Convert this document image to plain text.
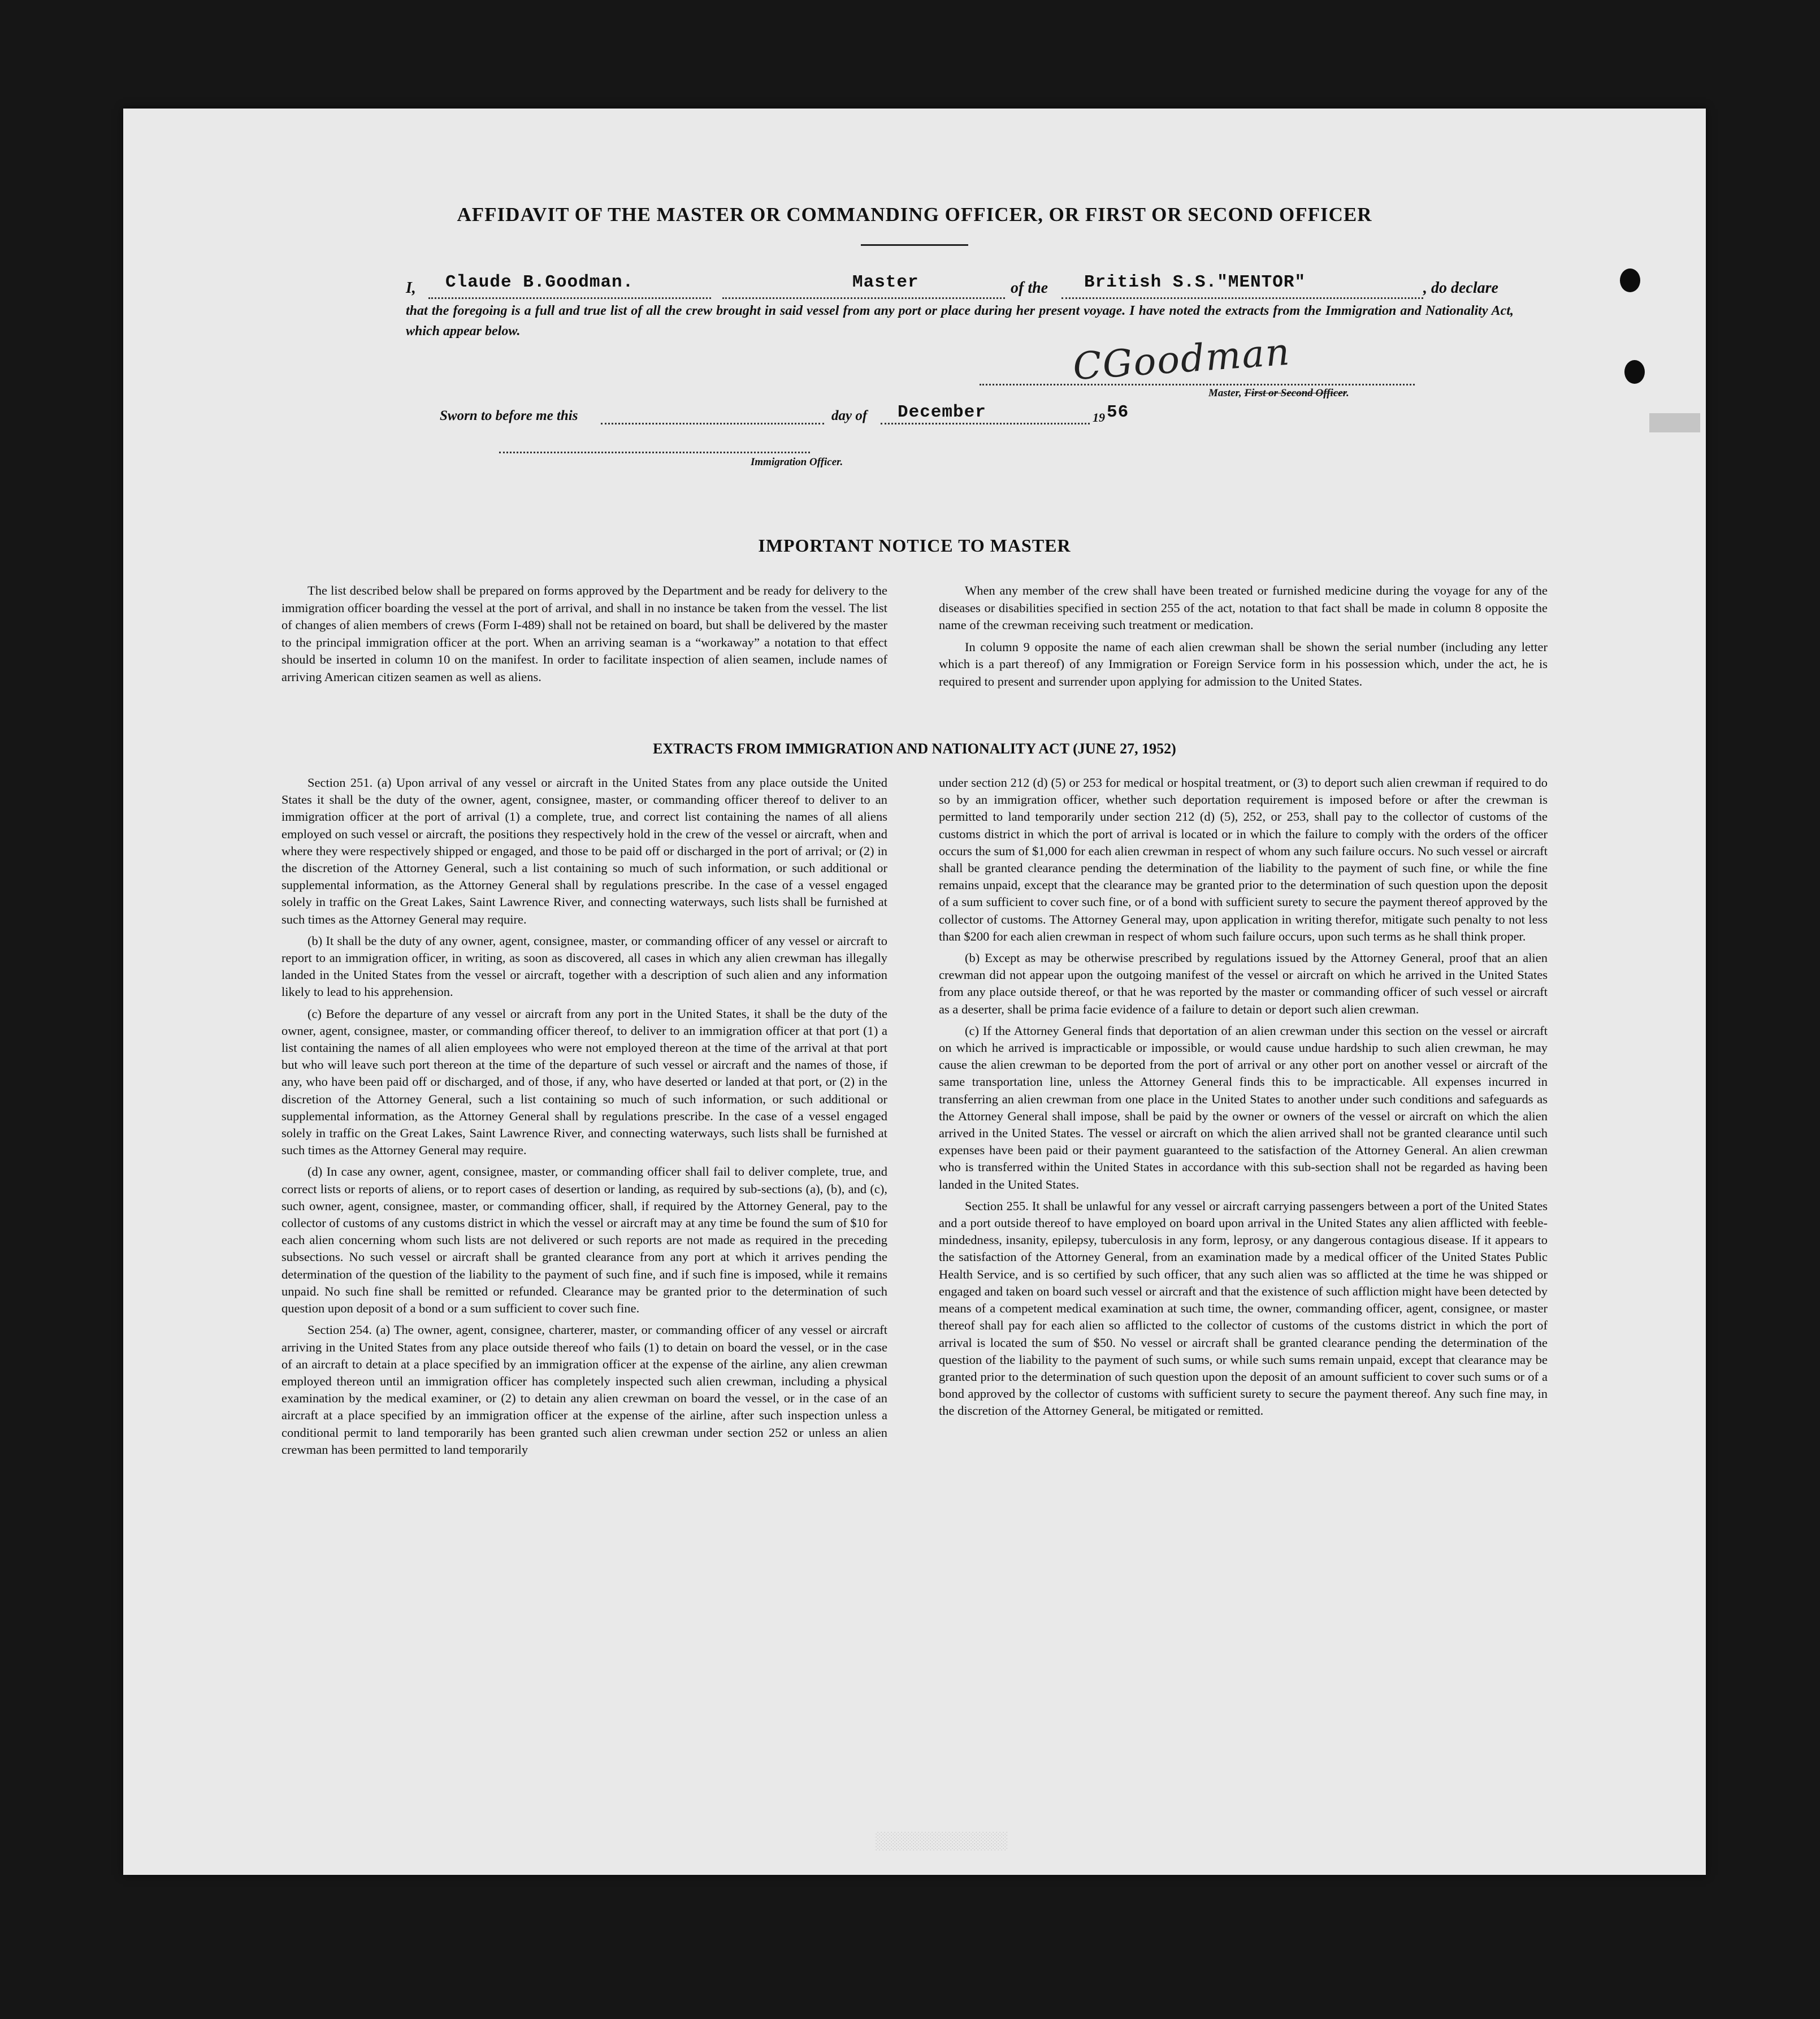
█████
░░░░░░░░░░░░░
AFFIDAVIT OF THE MASTER OR COMMANDING OFFICER, OR FIRST OR SECOND OFFICER
I, Claude B.Goodman.	Master	of the British S.S."MENTOR"	, do declare
that the foregoing is a full and true list of all the crew brought in said vessel from any port or place during her present voyage. I have noted the extracts from the Immigration and Nationality Act, which appear below.	CGoodman
Master, First or Second Officer.
Sworn to before me this	day of December	19 56
Immigration Officer.
IMPORTANT NOTICE TO MASTER

The list described below shall be prepared on forms approved by the Department and be ready for delivery to the immigration officer boarding the vessel at the port of arrival, and shall in no instance be taken from the vessel. The list of changes of alien members of crews (Form I-489) shall not be retained on board, but shall be delivered by the master to the principal immigration officer at the port. When an arriving seaman is a “workaway” a notation to that effect should be inserted in column 10 on the manifest. In order to facilitate inspection of alien seamen, include names of arriving American citizen seamen as well as aliens.

When any member of the crew shall have been treated or furnished medicine during the voyage for any of the diseases or disabilities specified in section 255 of the act, notation to that fact shall be made in column 8 opposite the name of the crewman receiving such treatment or medication.

In column 9 opposite the name of each alien crewman shall be shown the serial number (including any letter which is a part thereof) of any Immigration or Foreign Service form in his possession which, under the act, he is required to present and surrender upon applying for admission to the United States.

EXTRACTS FROM IMMIGRATION AND NATIONALITY ACT (JUNE 27, 1952)

Section 251. (a) Upon arrival of any vessel or aircraft in the United States from any place outside the United States it shall be the duty of the owner, agent, consignee, master, or commanding officer thereof to deliver to an immigration officer at the port of arrival (1) a complete, true, and correct list containing the names of all aliens employed on such vessel or aircraft, the positions they respectively hold in the crew of the vessel or aircraft, when and where they were respectively shipped or engaged, and those to be paid off or discharged in the port of arrival; or (2) in the discretion of the Attorney General, such a list containing so much of such information, or such additional or supplemental information, as the Attorney General shall by regulations prescribe. In the case of a vessel engaged solely in traffic on the Great Lakes, Saint Lawrence River, and connecting waterways, such lists shall be furnished at such times as the Attorney General may require.

(b) It shall be the duty of any owner, agent, consignee, master, or commanding officer of any vessel or aircraft to report to an immigration officer, in writing, as soon as discovered, all cases in which any alien crewman has illegally landed in the United States from the vessel or aircraft, together with a description of such alien and any information likely to lead to his apprehension.

(c) Before the departure of any vessel or aircraft from any port in the United States, it shall be the duty of the owner, agent, consignee, master, or commanding officer thereof, to deliver to an immigration officer at that port (1) a list containing the names of all alien employees who were not employed thereon at the time of the arrival at that port but who will leave such port thereon at the time of the departure of such vessel or aircraft and the names of those, if any, who have been paid off or discharged, and of those, if any, who have deserted or landed at that port, or (2) in the discretion of the Attorney General, such a list containing so much of such information, or such additional or supplemental information, as the Attorney General shall by regulations prescribe. In the case of a vessel engaged solely in traffic on the Great Lakes, Saint Lawrence River, and connecting waterways, such lists shall be furnished at such times as the Attorney General may require.

(d) In case any owner, agent, consignee, master, or commanding officer shall fail to deliver complete, true, and correct lists or reports of aliens, or to report cases of desertion or landing, as required by sub-sections (a), (b), and (c), such owner, agent, consignee, master, or commanding officer, shall, if required by the Attorney General, pay to the collector of customs of any customs district in which the vessel or aircraft may at any time be found the sum of $10 for each alien concerning whom such lists are not delivered or such reports are not made as required in the preceding subsections. No such vessel or aircraft shall be granted clearance from any port at which it arrives pending the determination of the question of the liability to the payment of such fine, and if such fine is imposed, while it remains unpaid. No such fine shall be remitted or refunded. Clearance may be granted prior to the determination of such question upon deposit of a bond or a sum sufficient to cover such fine.

Section 254. (a) The owner, agent, consignee, charterer, master, or commanding officer of any vessel or aircraft arriving in the United States from any place outside thereof who fails (1) to detain on board the vessel, or in the case of an aircraft to detain at a place specified by an immigration officer at the expense of the airline, any alien crewman employed thereon until an immigration officer has completely inspected such alien crewman, including a physical examination by the medical examiner, or (2) to detain any alien crewman on board the vessel, or in the case of an aircraft at a place specified by an immigration officer at the expense of the airline, after such inspection unless a conditional permit to land temporarily has been granted such alien crewman under section 252 or unless an alien crewman has been permitted to land temporarily

under section 212 (d) (5) or 253 for medical or hospital treatment, or (3) to deport such alien crewman if required to do so by an immigration officer, whether such deportation requirement is imposed before or after the crewman is permitted to land temporarily under section 212 (d) (5), 252, or 253, shall pay to the collector of customs of the customs district in which the port of arrival is located or in which the failure to comply with the orders of the officer occurs the sum of $1,000 for each alien crewman in respect of whom any such failure occurs. No such vessel or aircraft shall be granted clearance pending the determination of the liability to the payment of such fine, or while the fine remains unpaid, except that the clearance may be granted prior to the determination of such question upon the deposit of a sum sufficient to cover such fine, or of a bond with sufficient surety to secure the payment thereof approved by the collector of customs. The Attorney General may, upon application in writing therefor, mitigate such penalty to not less than $200 for each alien crewman in respect of whom such failure occurs, upon such terms as he shall think proper.

(b) Except as may be otherwise prescribed by regulations issued by the Attorney General, proof that an alien crewman did not appear upon the outgoing manifest of the vessel or aircraft on which he arrived in the United States from any place outside thereof, or that he was reported by the master or commanding officer of such vessel or aircraft as a deserter, shall be prima facie evidence of a failure to detain or deport such alien crewman.

(c) If the Attorney General finds that deportation of an alien crewman under this section on the vessel or aircraft on which he arrived is impracticable or impossible, or would cause undue hardship to such alien crewman, he may cause the alien crewman to be deported from the port of arrival or any other port on another vessel or aircraft of the same transportation line, unless the Attorney General finds this to be impracticable. All expenses incurred in transferring an alien crewman from one place in the United States to another under such conditions and safeguards as the Attorney General shall impose, shall be paid by the owner or owners of the vessel or aircraft on which the alien arrived in the United States. The vessel or aircraft on which the alien arrived shall not be granted clearance until such expenses have been paid or their payment guaranteed to the satisfaction of the Attorney General. An alien crewman who is transferred within the United States in accordance with this sub-section shall not be regarded as having been landed in the United States.

Section 255. It shall be unlawful for any vessel or aircraft carrying passengers between a port of the United States and a port outside thereof to have employed on board upon arrival in the United States any alien afflicted with feeble-mindedness, insanity, epilepsy, tuberculosis in any form, leprosy, or any dangerous contagious disease. If it appears to the satisfaction of the Attorney General, from an examination made by a medical officer of the United States Public Health Service, and is so certified by such officer, that any such alien was so afflicted at the time he was shipped or engaged and taken on board such vessel or aircraft and that the existence of such affliction might have been detected by means of a competent medical examination at such time, the owner, commanding officer, agent, consignee, or master thereof shall pay for each alien so afflicted to the collector of customs of the customs district in which the port of arrival is located the sum of $50. No vessel or aircraft shall be granted clearance pending the determination of the question of the liability to the payment of such sums, or while such sums remain unpaid, except that clearance may be granted prior to the determination of such question upon the deposit of an amount sufficient to cover such sums or of a bond approved by the collector of customs with sufficient surety to secure the payment thereof. Any such fine may, in the discretion of the Attorney General, be mitigated or remitted.
